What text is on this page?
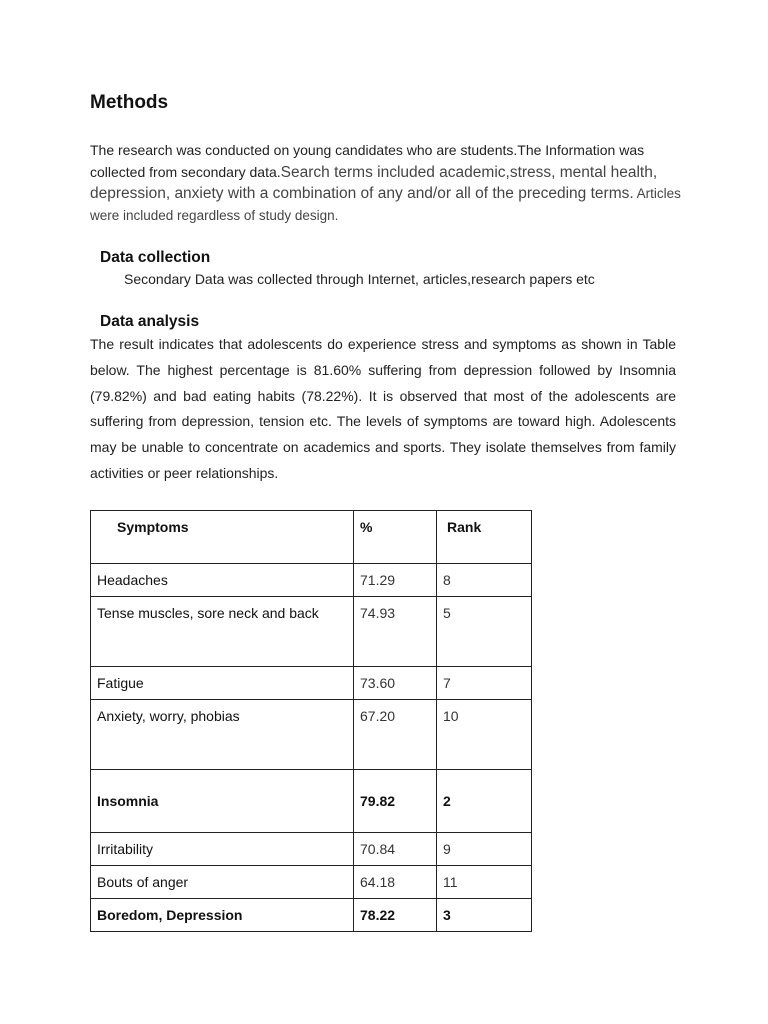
Methods

The research was conducted on young candidates who are students.The Information was collected from secondary data.Search terms included academic,stress, mental health, depression, anxiety with a combination of any and/or all of the preceding terms. Articles were included regardless of study design.

Data collection

Secondary Data was collected through Internet, articles,research papers etc

Data analysis

The result indicates that adolescents do experience stress and symptoms as shown in Table below. The highest percentage is 81.60% suffering from depression followed by Insomnia (79.82%) and bad eating habits (78.22%). It is observed that most of the adolescents are suffering from depression, tension etc. The levels of symptoms are toward high. Adolescents may be unable to concentrate on academics and sports. They isolate themselves from family activities or peer relationships.

Symptoms	%	Rank
Headaches	71.29	8
Tense muscles, sore neck and back	74.93	5
Fatigue	73.60	7
Anxiety, worry, phobias	67.20	10
Insomnia	79.82	2
Irritability	70.84	9
Bouts of anger	64.18	11
Boredom, Depression	78.22	3
